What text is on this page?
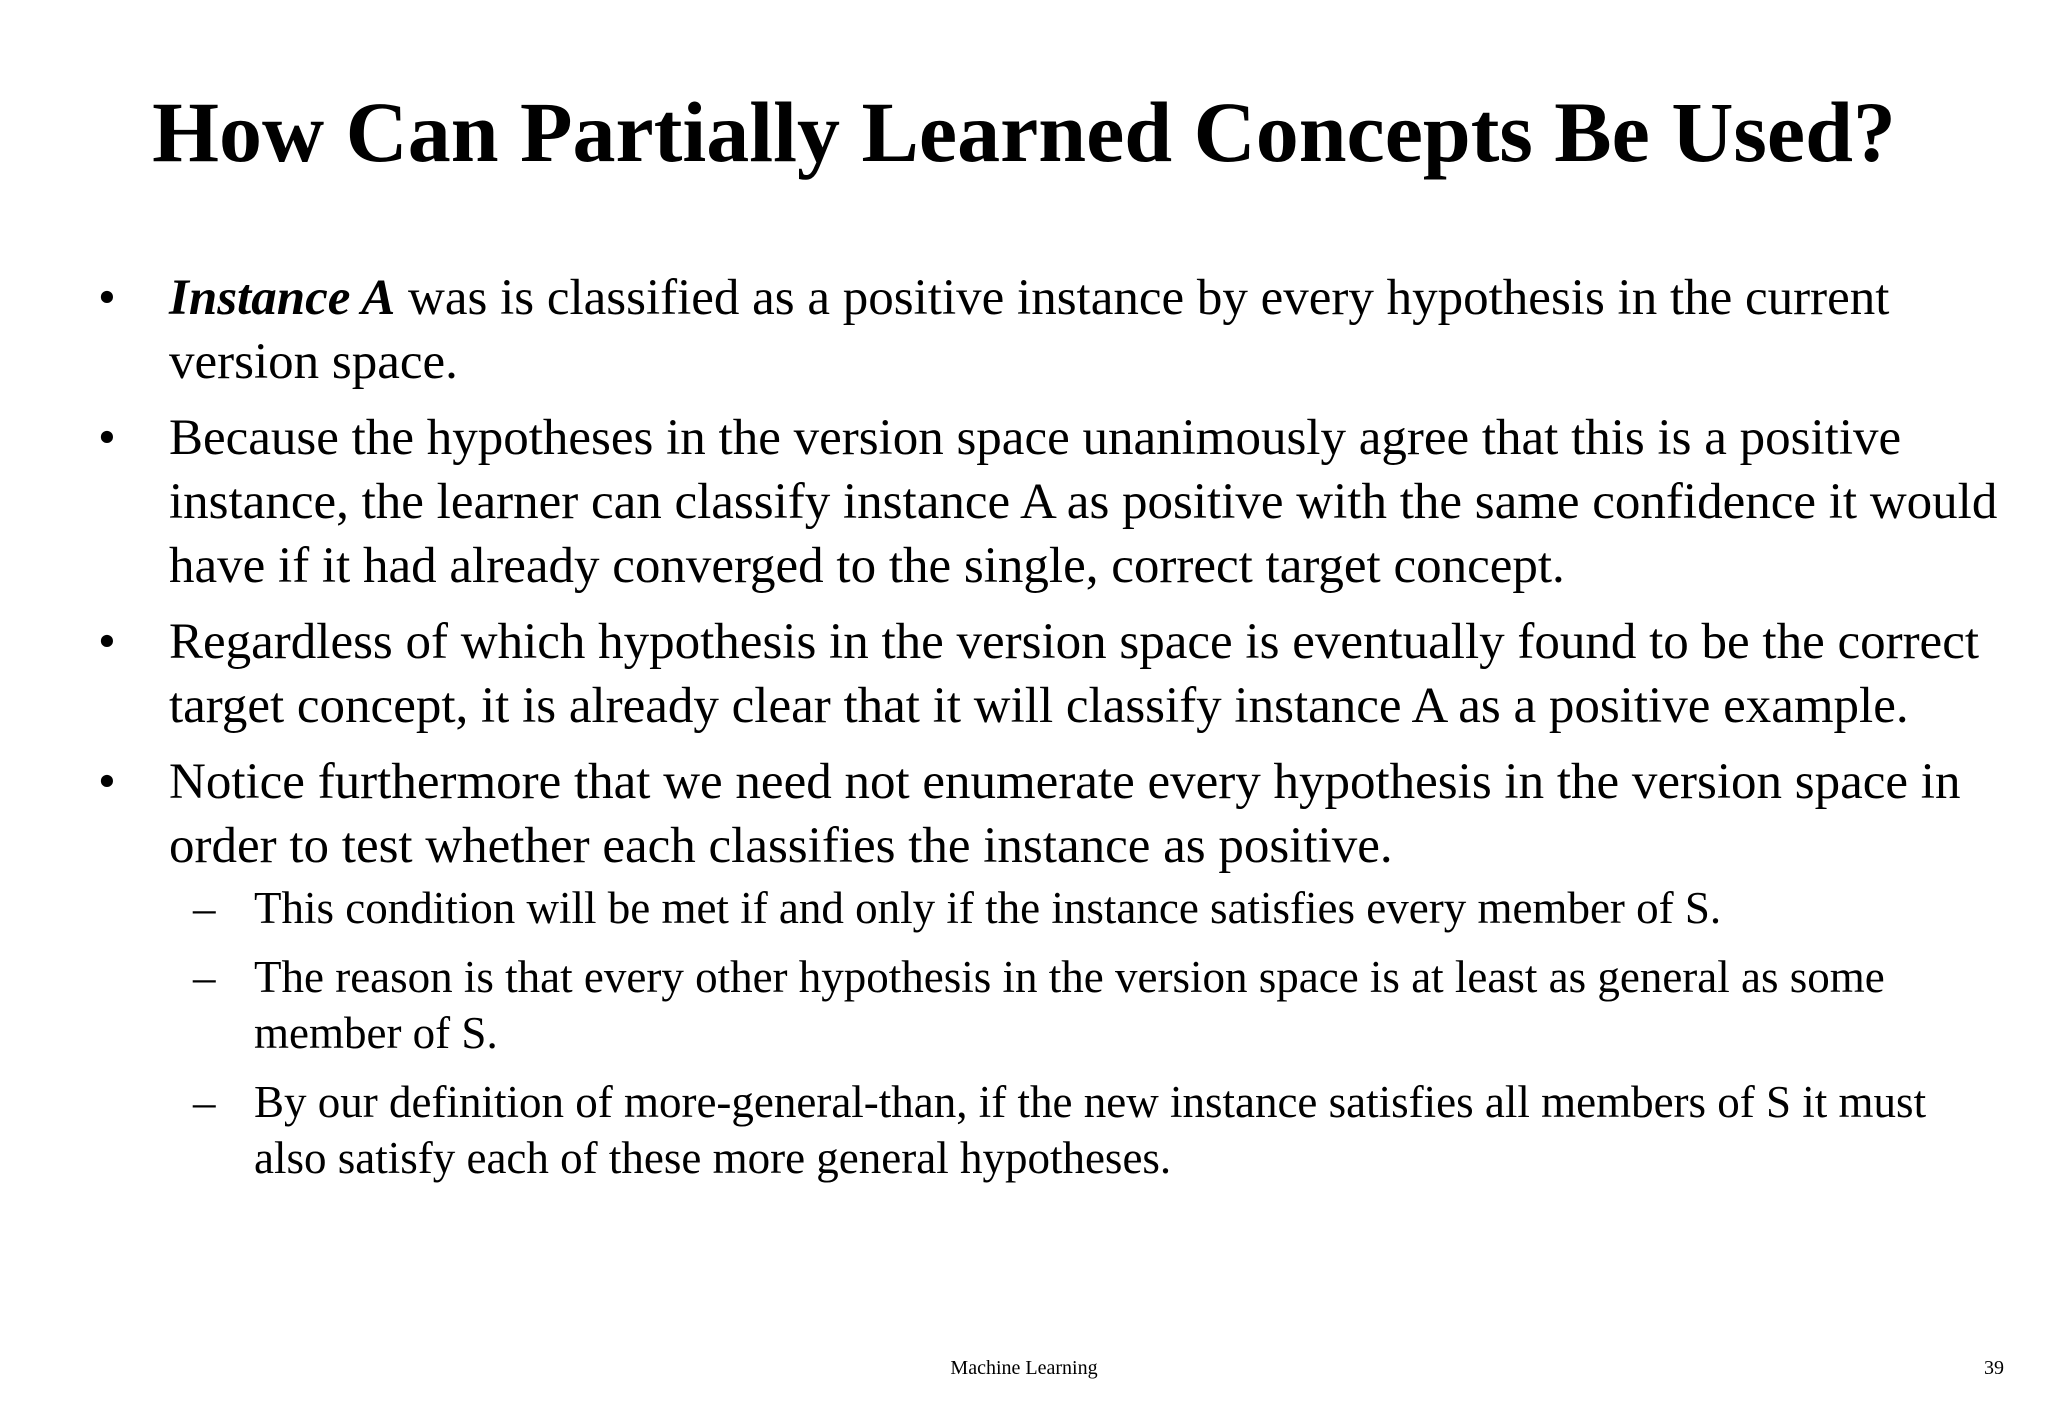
How Can Partially Learned Concepts Be Used?
• Instance A was is classified as a positive instance by every hypothesis in the current version space.
• Because the hypotheses in the version space unanimously agree that this is a positive instance, the learner can classify instance A as positive with the same confidence it would have if it had already converged to the single, correct target concept.
• Regardless of which hypothesis in the version space is eventually found to be the correct target concept, it is already clear that it will classify instance A as a positive example.
• Notice furthermore that we need not enumerate every hypothesis in the version space in order to test whether each classifies the instance as positive.
– This condition will be met if and only if the instance satisfies every member of S.
– The reason is that every other hypothesis in the version space is at least as general as some member of S.
– By our definition of more-general-than, if the new instance satisfies all members of S it must also satisfy each of these more general hypotheses.
Machine Learning	39
